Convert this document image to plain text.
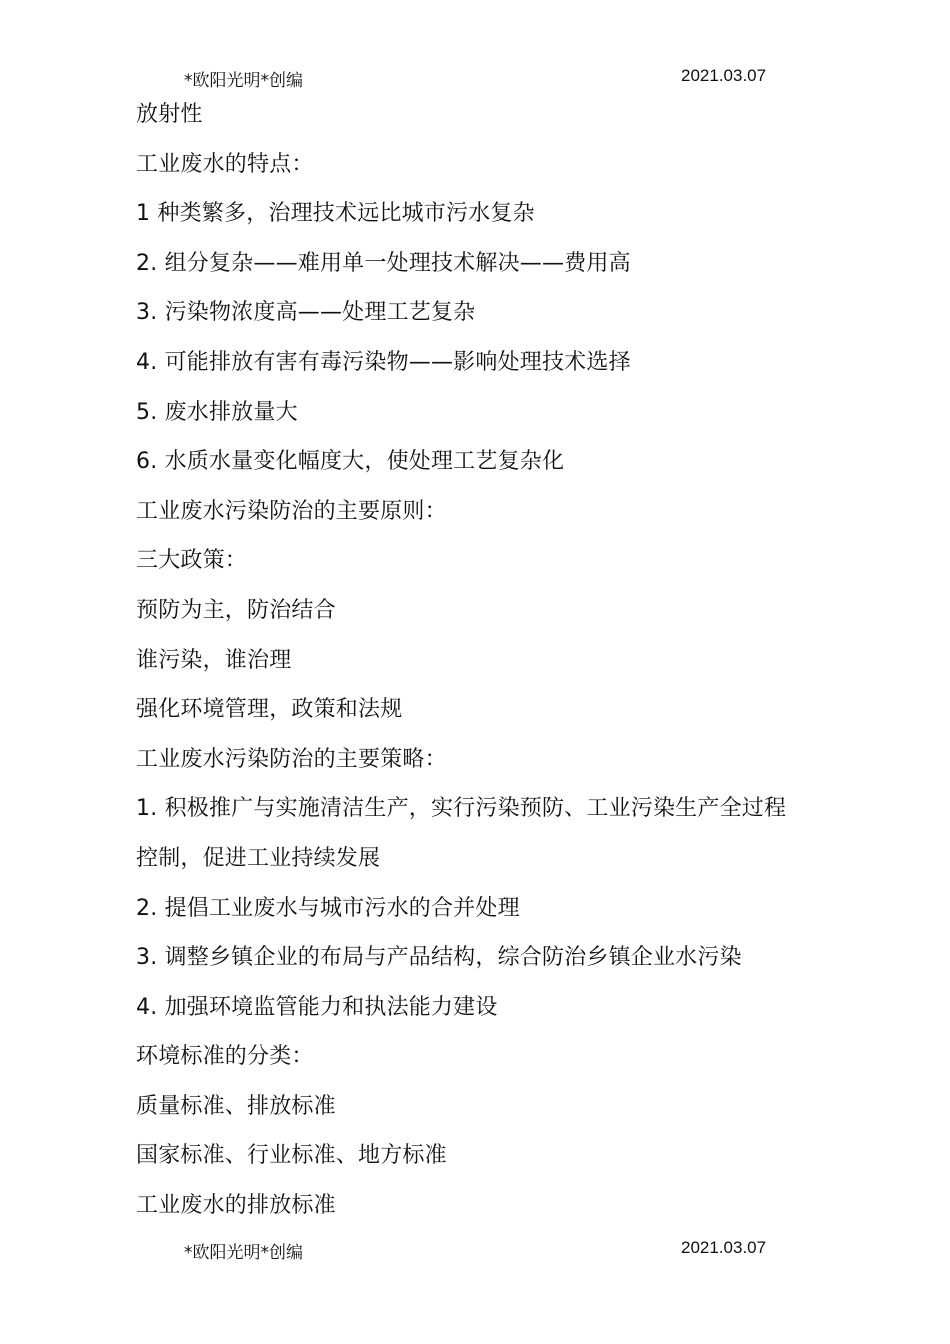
*欧阳光明*创编	2021.03.07
放射性
工业废水的特点：
1 种类繁多，治理技术远比城市污水复杂
2. 组分复杂——难用单一处理技术解决——费用高
3. 污染物浓度高——处理工艺复杂
4. 可能排放有害有毒污染物——影响处理技术选择
5. 废水排放量大
6. 水质水量变化幅度大，使处理工艺复杂化
工业废水污染防治的主要原则：
三大政策：
预防为主，防治结合
谁污染，谁治理
强化环境管理，政策和法规
工业废水污染防治的主要策略：
1. 积极推广与实施清洁生产，实行污染预防、工业污染生产全过程
控制，促进工业持续发展
2. 提倡工业废水与城市污水的合并处理
3. 调整乡镇企业的布局与产品结构，综合防治乡镇企业水污染
4. 加强环境监管能力和执法能力建设
环境标准的分类：
质量标准、排放标准
国家标准、行业标准、地方标准
工业废水的排放标准
*欧阳光明*创编	2021.03.07
